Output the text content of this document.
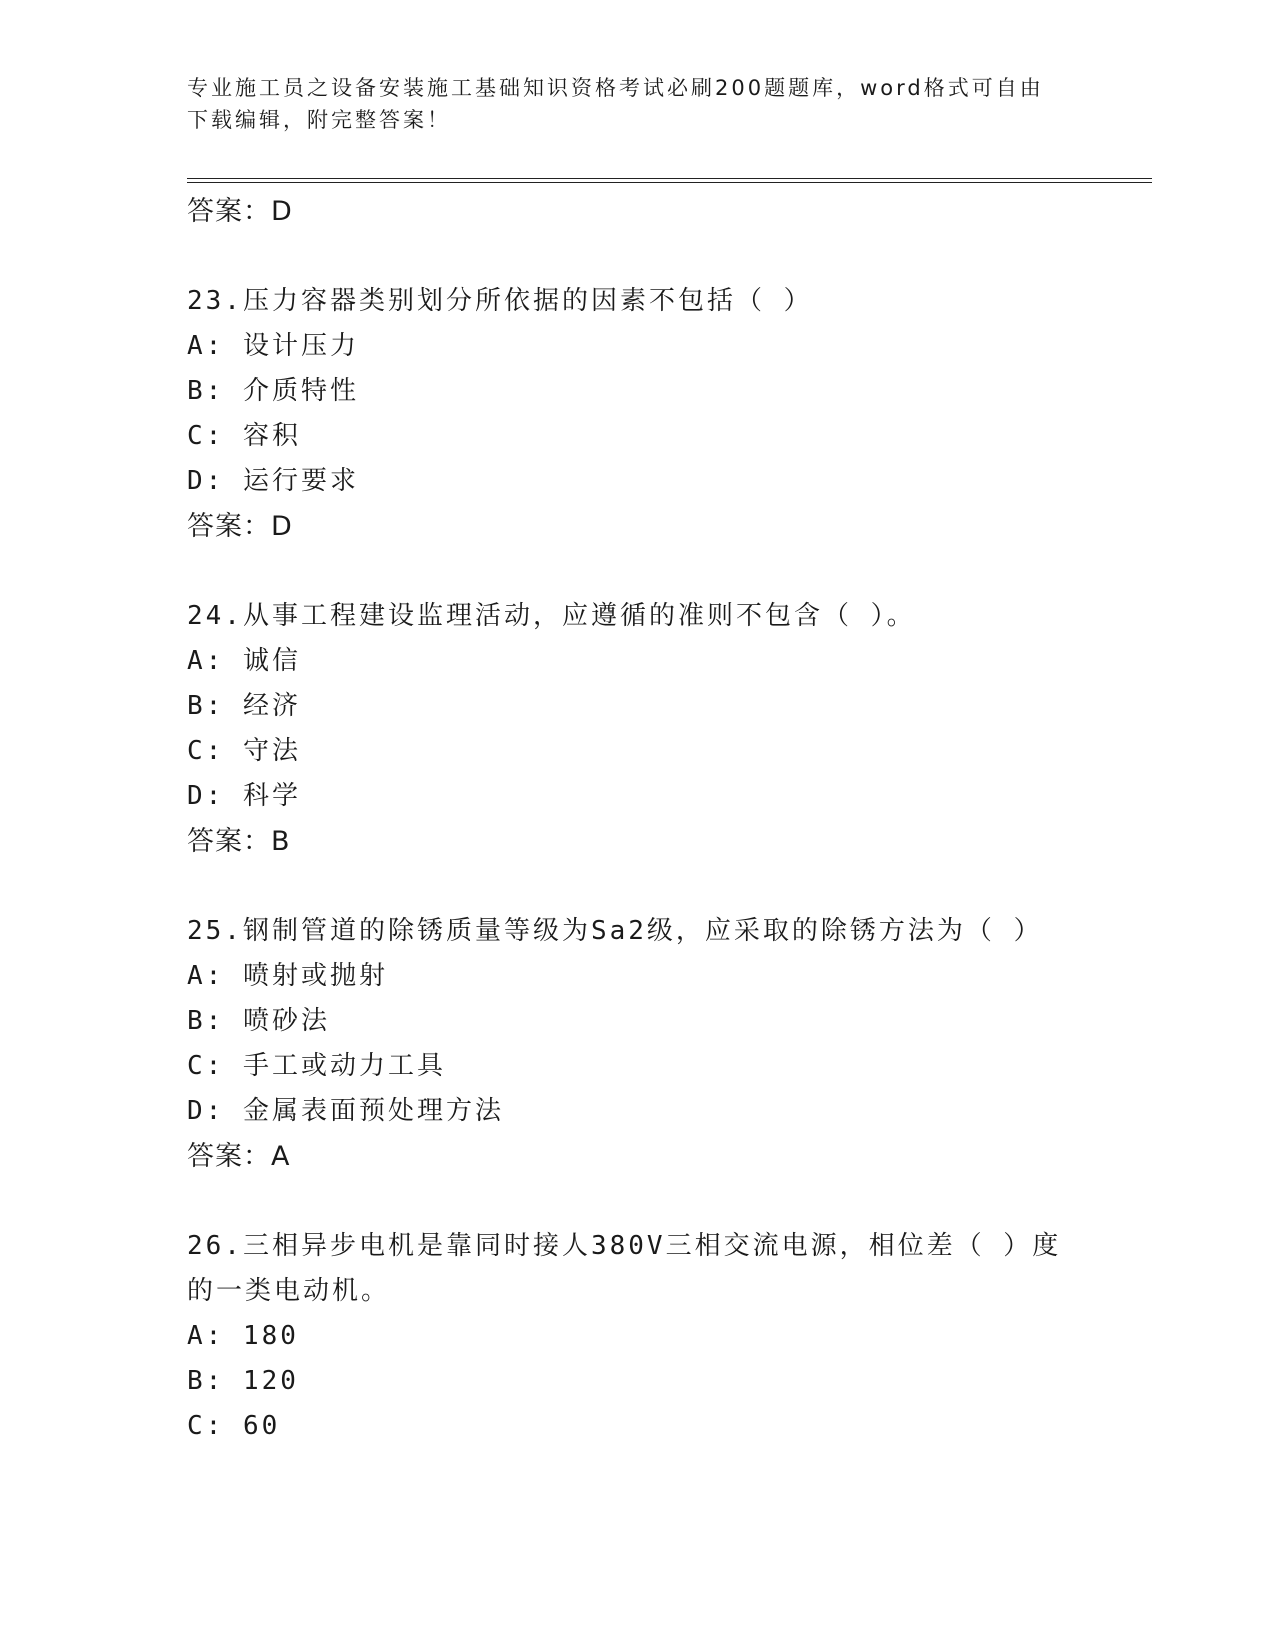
专业施工员之设备安装施工基础知识资格考试必刷200题题库，word格式可自由
下载编辑，附完整答案！
答案：D
23.压力容器类别划分所依据的因素不包括（ ）
A: 设计压力
B: 介质特性
C: 容积
D: 运行要求
答案：D
24.从事工程建设监理活动，应遵循的准则不包含（ ）。
A: 诚信
B: 经济
C: 守法
D: 科学
答案：B
25.钢制管道的除锈质量等级为Sa2级，应采取的除锈方法为（ ）
A: 喷射或抛射
B: 喷砂法
C: 手工或动力工具
D: 金属表面预处理方法
答案：A
26.三相异步电机是靠同时接人380V三相交流电源，相位差（ ）度的一类电动机。
A: 180
B: 120
C: 60
